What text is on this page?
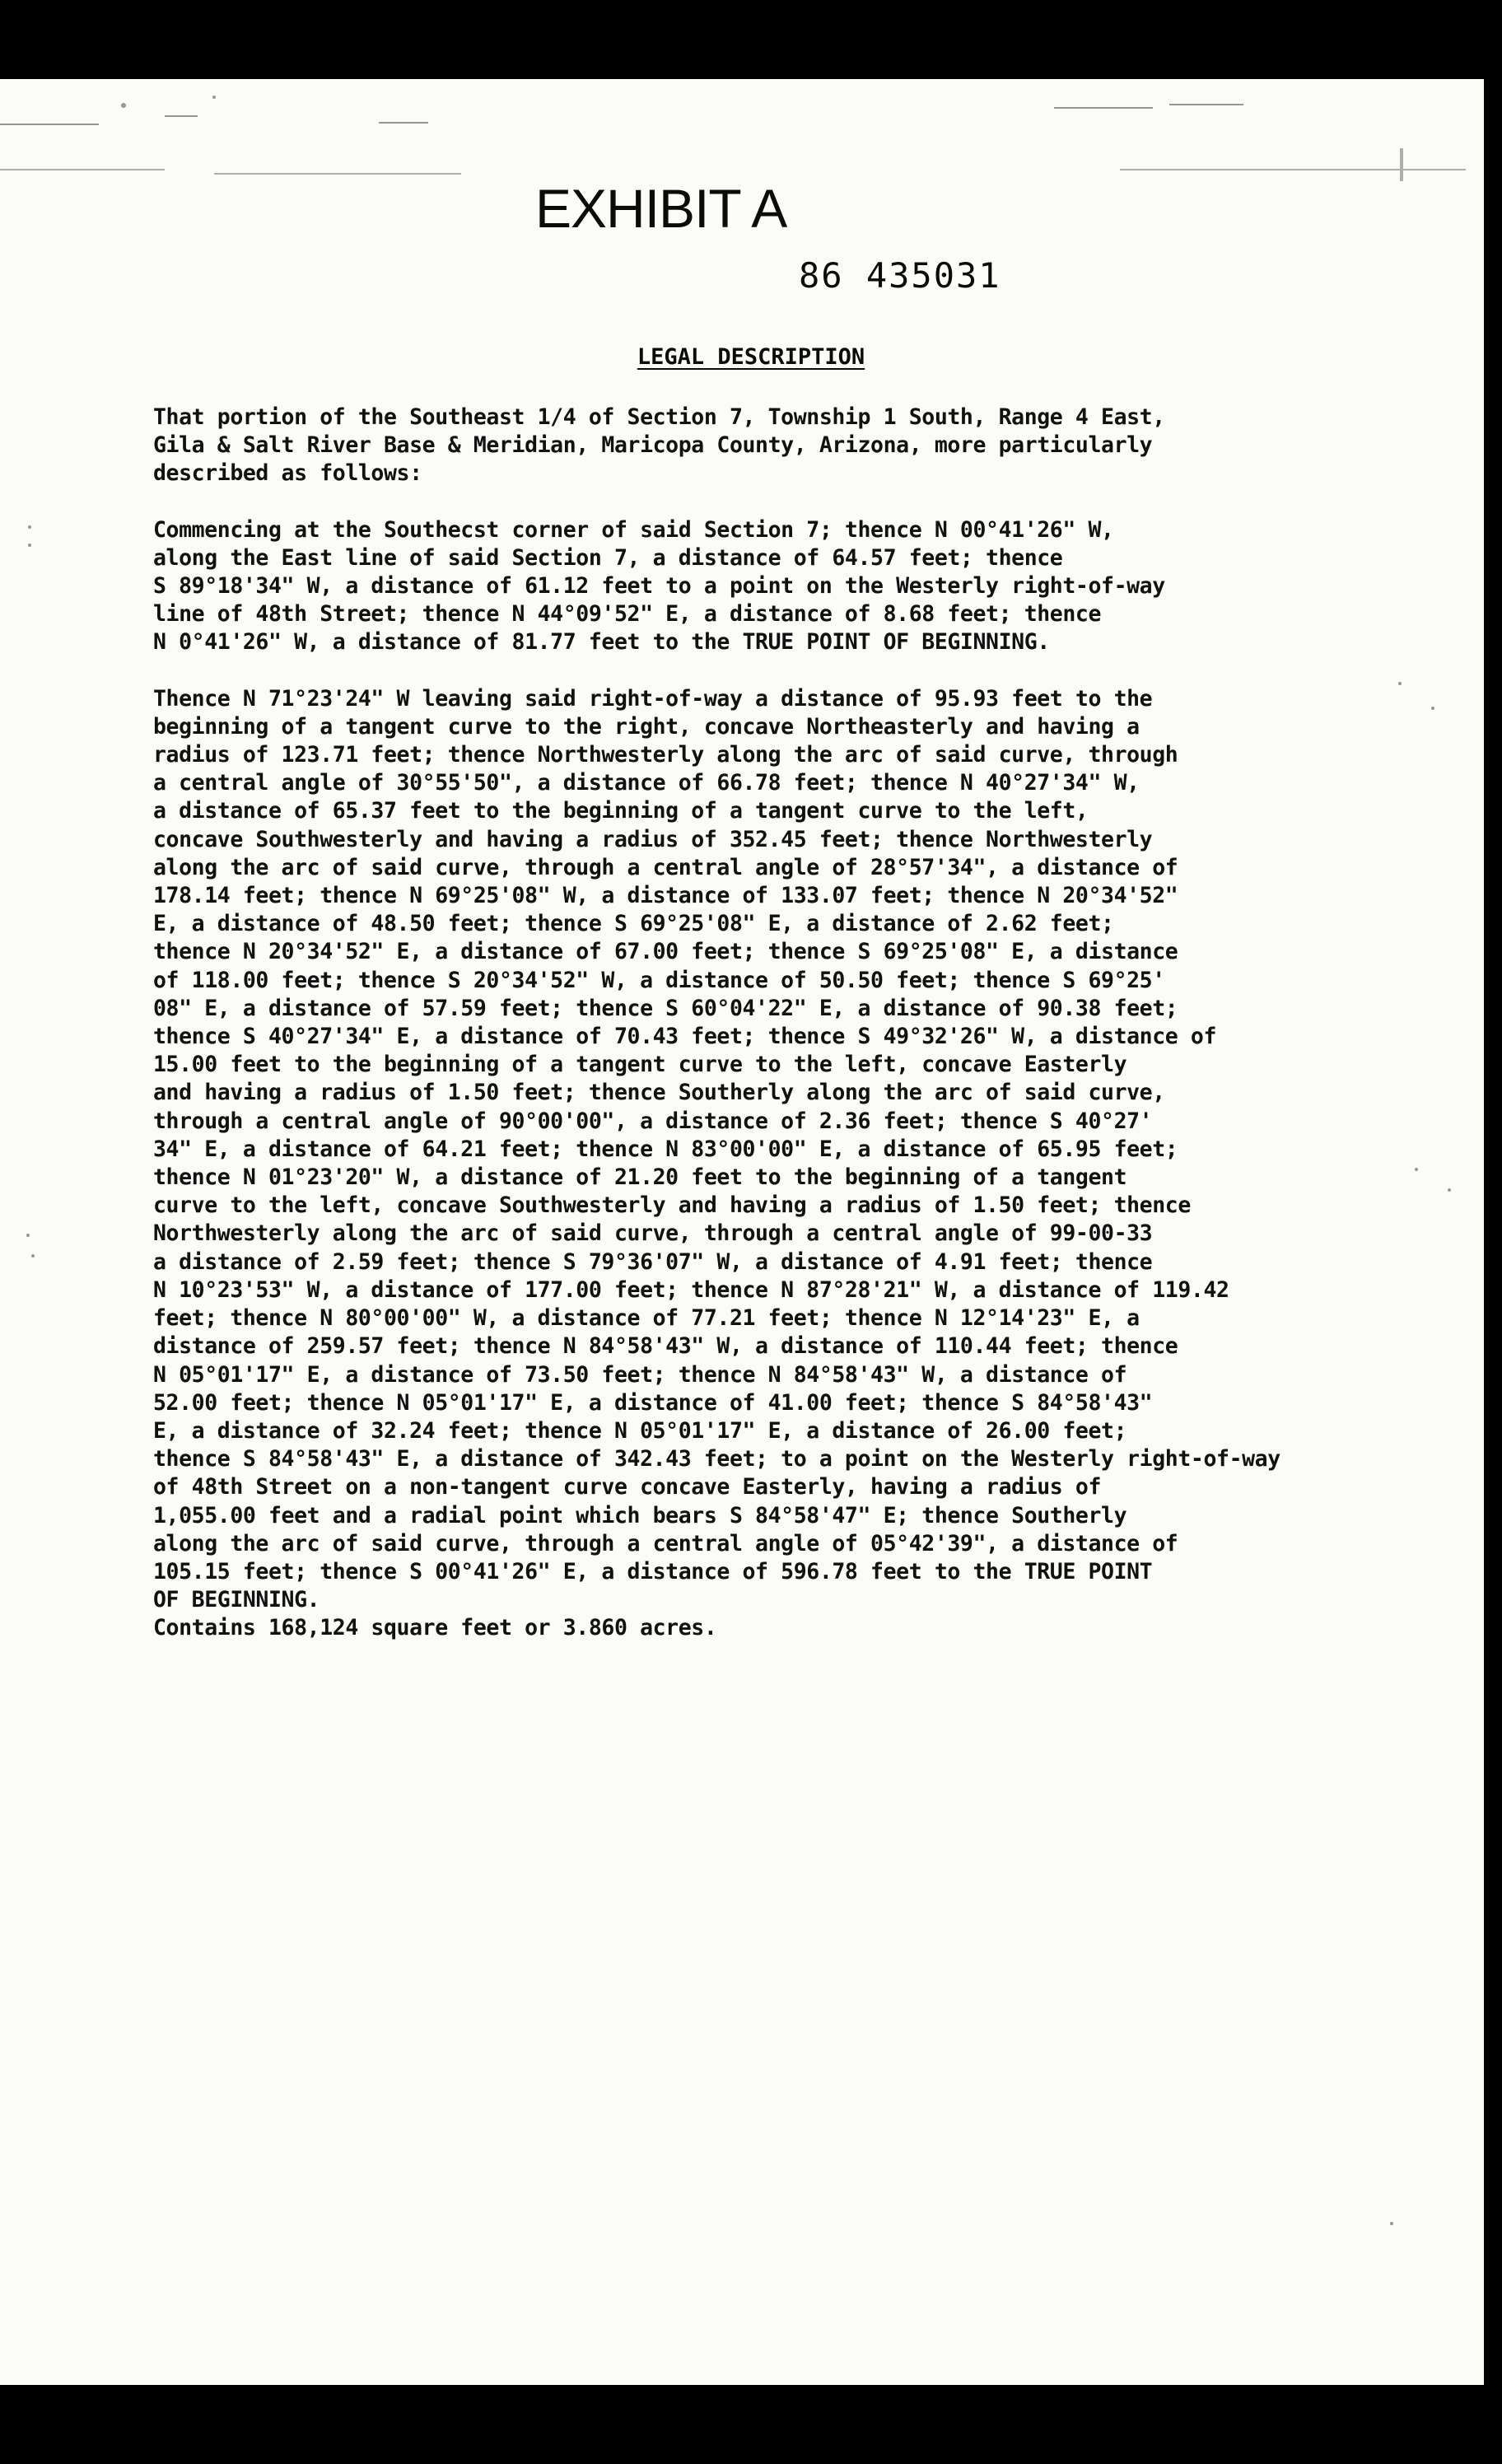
EXHIBIT A
86 435031
LEGAL DESCRIPTION

That portion of the Southeast 1/4 of Section 7, Township 1 South, Range 4 East,
Gila & Salt River Base & Meridian, Maricopa County, Arizona, more particularly
described as follows:

Commencing at the Southecst corner of said Section 7; thence N 00°41'26" W,
along the East line of said Section 7, a distance of 64.57 feet; thence
S 89°18'34" W, a distance of 61.12 feet to a point on the Westerly right-of-way
line of 48th Street; thence N 44°09'52" E, a distance of 8.68 feet; thence
N 0°41'26" W, a distance of 81.77 feet to the TRUE POINT OF BEGINNING.

Thence N 71°23'24" W leaving said right-of-way a distance of 95.93 feet to the
beginning of a tangent curve to the right, concave Northeasterly and having a
radius of 123.71 feet; thence Northwesterly along the arc of said curve, through
a central angle of 30°55'50", a distance of 66.78 feet; thence N 40°27'34" W,
a distance of 65.37 feet to the beginning of a tangent curve to the left,
concave Southwesterly and having a radius of 352.45 feet; thence Northwesterly
along the arc of said curve, through a central angle of 28°57'34", a distance of
178.14 feet; thence N 69°25'08" W, a distance of 133.07 feet; thence N 20°34'52"
E, a distance of 48.50 feet; thence S 69°25'08" E, a distance of 2.62 feet;
thence N 20°34'52" E, a distance of 67.00 feet; thence S 69°25'08" E, a distance
of 118.00 feet; thence S 20°34'52" W, a distance of 50.50 feet; thence S 69°25'
08" E, a distance of 57.59 feet; thence S 60°04'22" E, a distance of 90.38 feet;
thence S 40°27'34" E, a distance of 70.43 feet; thence S 49°32'26" W, a distance of
15.00 feet to the beginning of a tangent curve to the left, concave Easterly
and having a radius of 1.50 feet; thence Southerly along the arc of said curve,
through a central angle of 90°00'00", a distance of 2.36 feet; thence S 40°27'
34" E, a distance of 64.21 feet; thence N 83°00'00" E, a distance of 65.95 feet;
thence N 01°23'20" W, a distance of 21.20 feet to the beginning of a tangent
curve to the left, concave Southwesterly and having a radius of 1.50 feet; thence
Northwesterly along the arc of said curve, through a central angle of 99-00-33
a distance of 2.59 feet; thence S 79°36'07" W, a distance of 4.91 feet; thence
N 10°23'53" W, a distance of 177.00 feet; thence N 87°28'21" W, a distance of 119.42
feet; thence N 80°00'00" W, a distance of 77.21 feet; thence N 12°14'23" E, a
distance of 259.57 feet; thence N 84°58'43" W, a distance of 110.44 feet; thence
N 05°01'17" E, a distance of 73.50 feet; thence N 84°58'43" W, a distance of
52.00 feet; thence N 05°01'17" E, a distance of 41.00 feet; thence S 84°58'43"
E, a distance of 32.24 feet; thence N 05°01'17" E, a distance of 26.00 feet;
thence S 84°58'43" E, a distance of 342.43 feet; to a point on the Westerly right-of-way
of 48th Street on a non-tangent curve concave Easterly, having a radius of
1,055.00 feet and a radial point which bears S 84°58'47" E; thence Southerly
along the arc of said curve, through a central angle of 05°42'39", a distance of
105.15 feet; thence S 00°41'26" E, a distance of 596.78 feet to the TRUE POINT
OF BEGINNING.
Contains 168,124 square feet or 3.860 acres.
